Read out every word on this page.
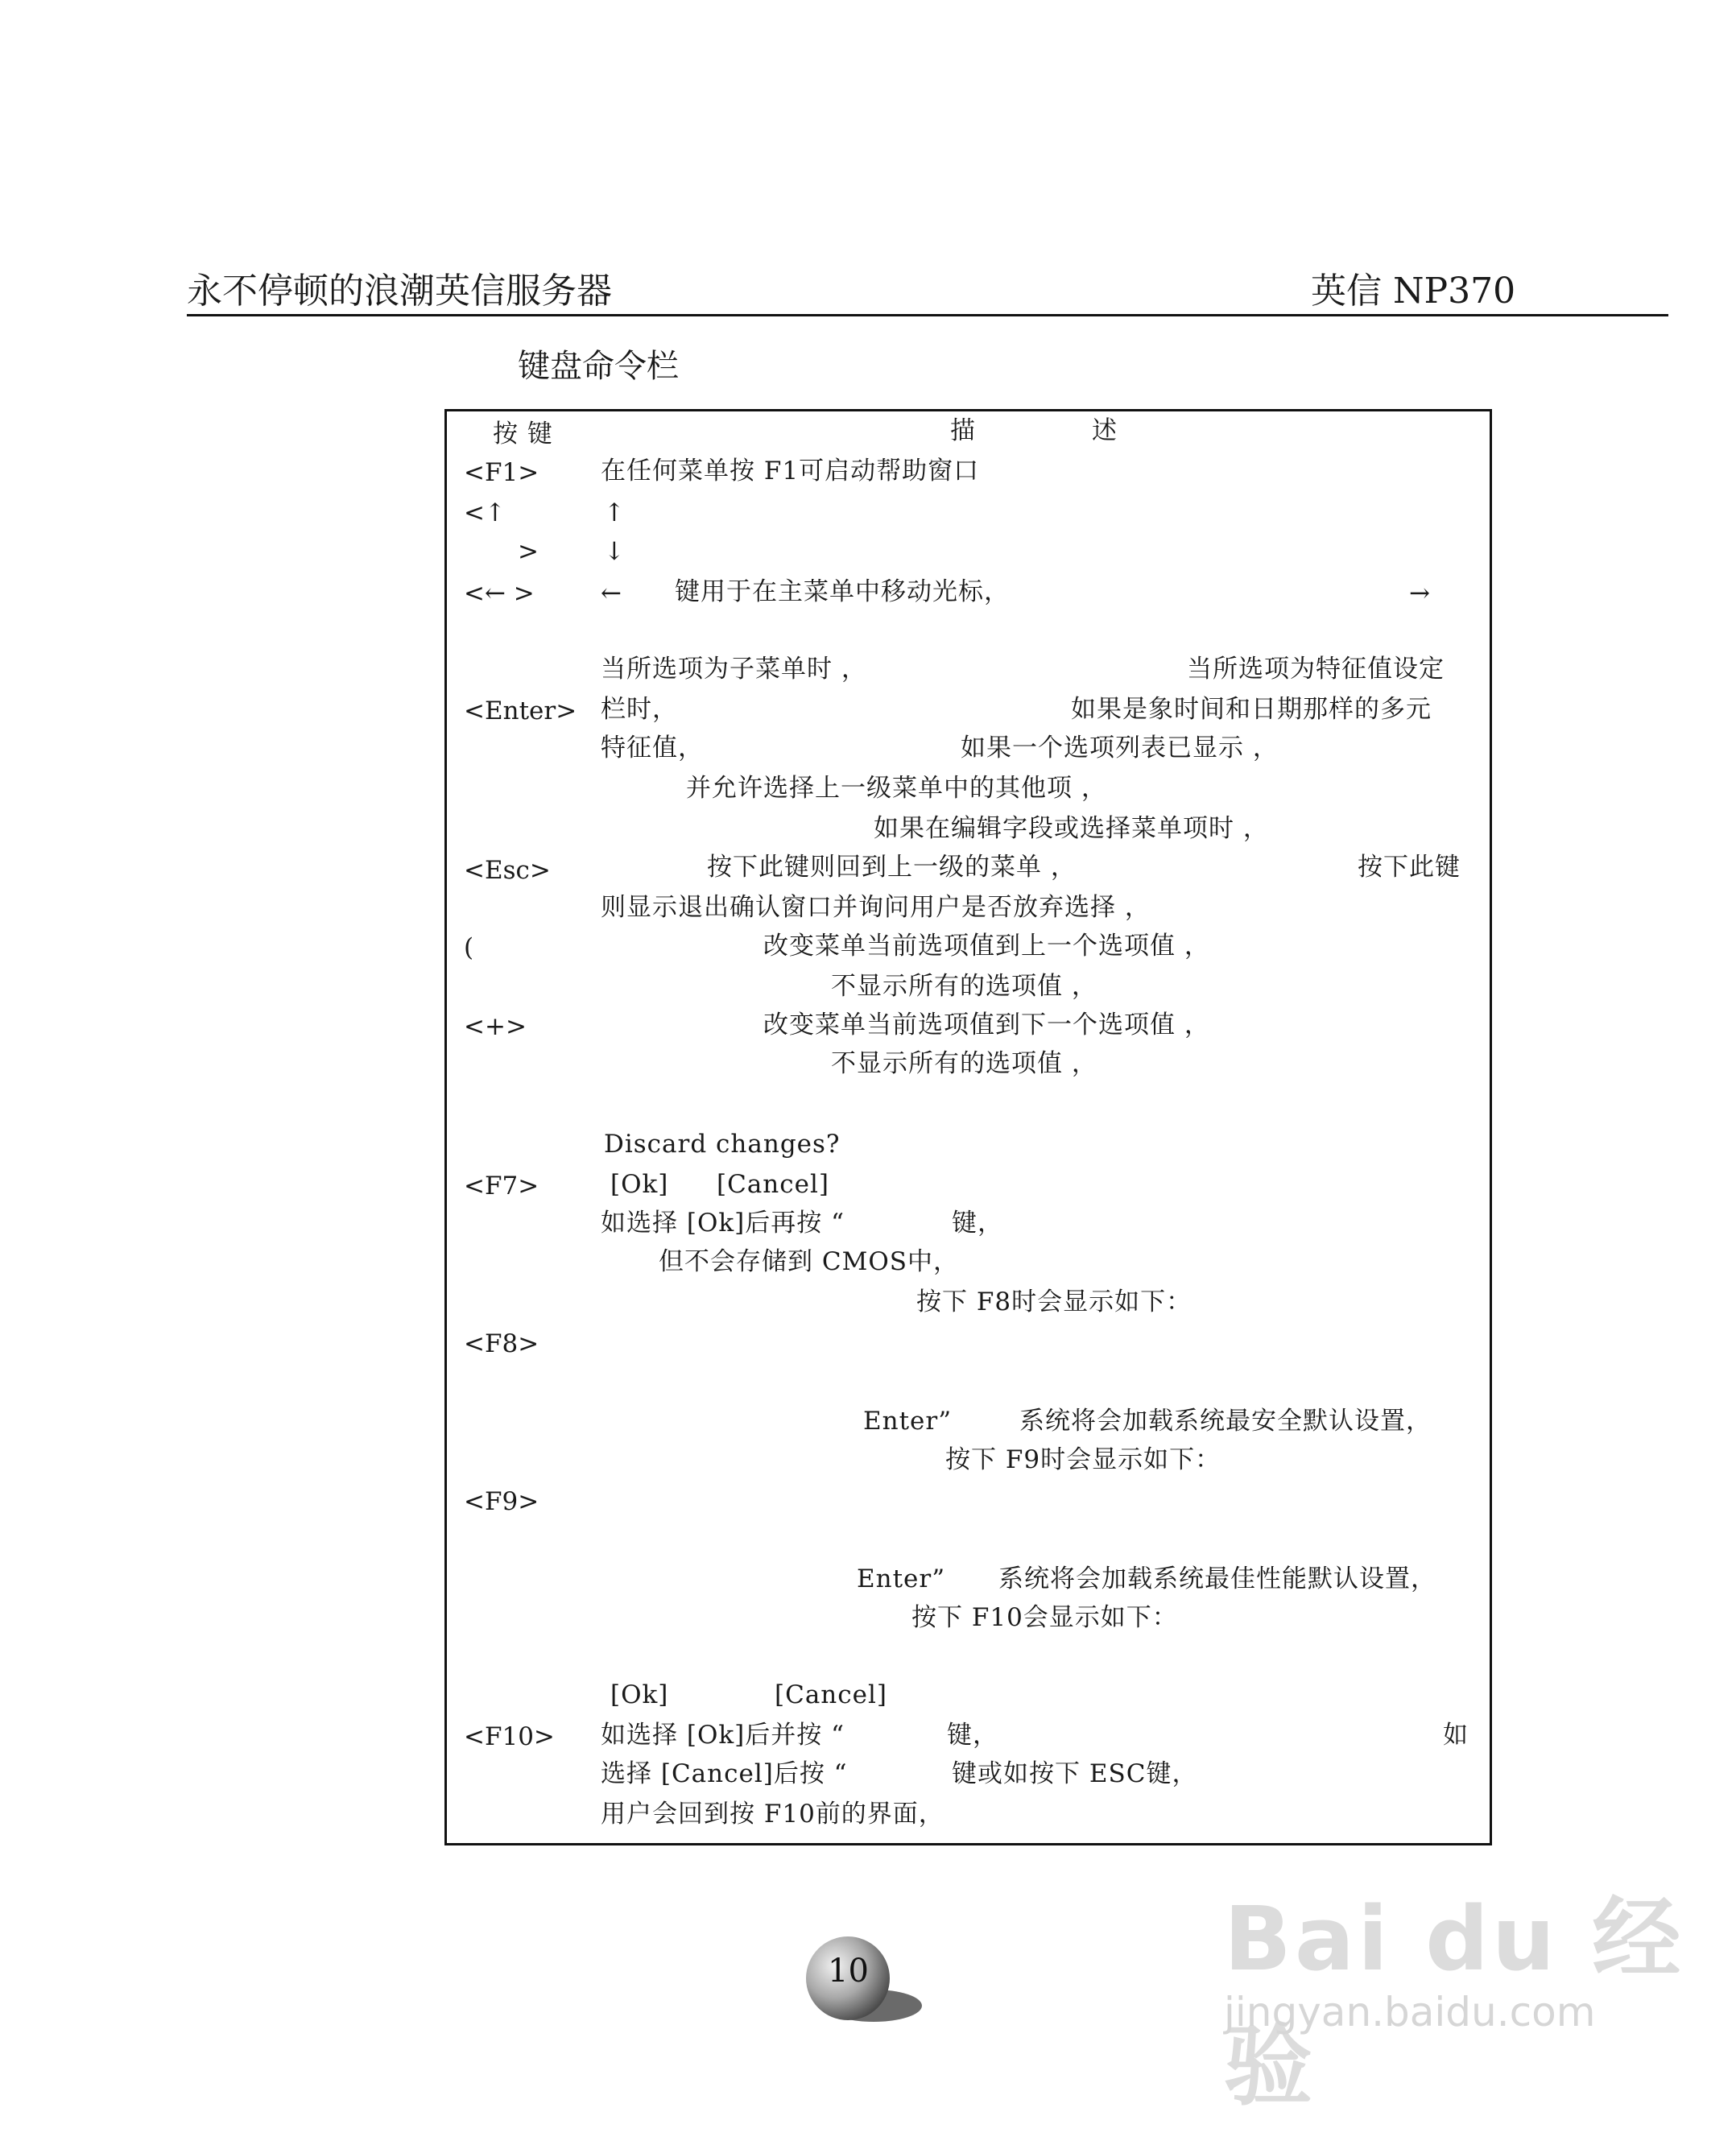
永不停顿的浪潮英信服务器	英信 NP370
键盘命令栏
按 键	描	述
<F1> 在任何菜单按 F1可启动帮助窗口
<↑	↑
>	↓
<← >	← 键用于在主菜单中移动光标，	→
当所选项为子菜单时 ，	当所选项为特征值设定
<Enter> 栏时，	如果是象时间和日期那样的多元
特征值，	如果一个选项列表已显示 ，
并允许选择上一级菜单中的其他项 ，
如果在编辑字段或选择菜单项时 ，
<Esc>	按下此键则回到上一级的菜单 ，	按下此键
则显示退出确认窗口并询问用户是否放弃选择 ，
(	改变菜单当前选项值到上一个选项值 ，
不显示所有的选项值 ，
<+>	改变菜单当前选项值到下一个选项值 ，
不显示所有的选项值 ，
Discard changes?
<F7>	[Ok] [Cancel]
如选择 [Ok]后再按 “	键，
但不会存储到 CMOS中，
按下 F8时会显示如下：
<F8>
Enter”	系统将会加载系统最安全默认设置，
按下 F9时会显示如下：
<F9>
Enter” 系统将会加载系统最佳性能默认设置，
按下 F10会显示如下：
[Ok]	[Cancel]
<F10> 如选择 [Ok]后并按 “	键，	如
选择 [Cancel]后按 “	键或如按下 ESC键，
用户会回到按 F10前的界面，
10	Bai du 经验
jingyan.baidu.com
